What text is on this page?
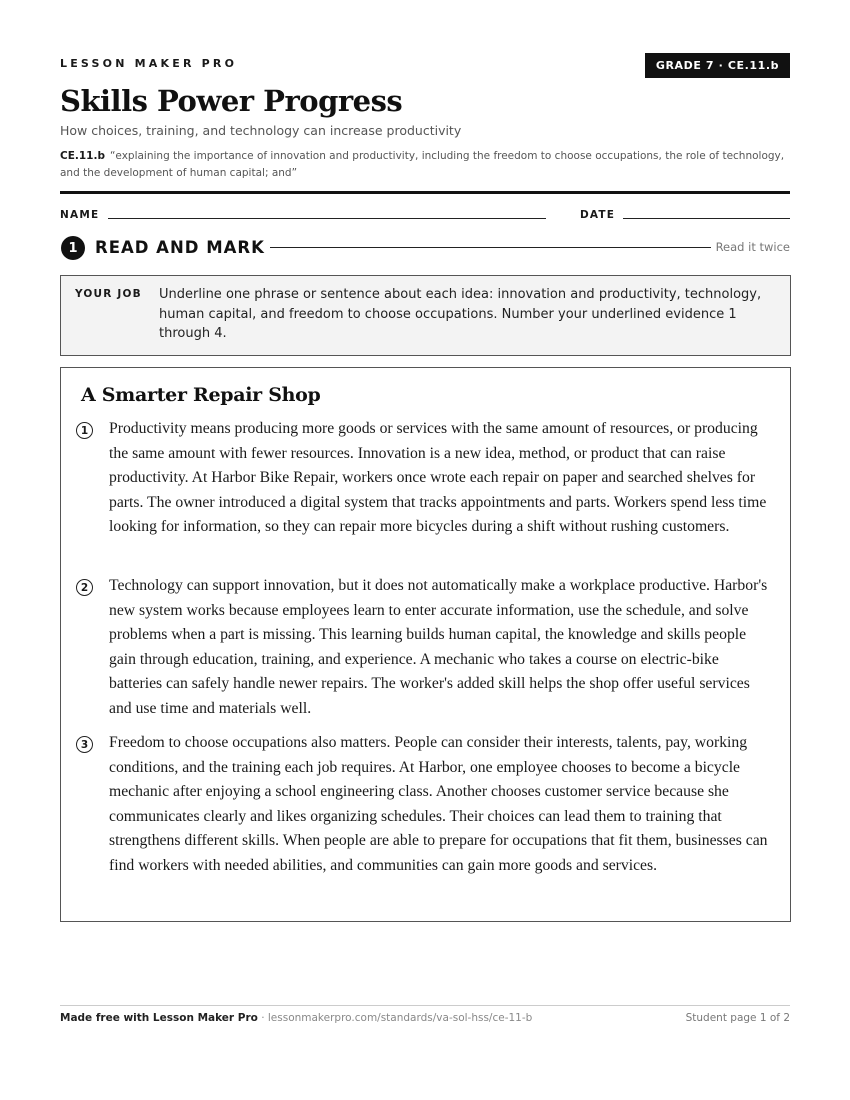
LESSON MAKER PRO	GRADE 7 · CE.11.b
Skills Power Progress
How choices, training, and technology can increase productivity
CE.11.b “explaining the importance of innovation and productivity, including the freedom to choose occupations, the role of technology, and the development of human capital; and”
NAME	DATE
1	READ AND MARK	Read it twice
YOUR JOB Underline one phrase or sentence about each idea: innovation and productivity, technology, human capital, and freedom to choose occupations. Number your underlined evidence 1 through 4.
A Smarter Repair Shop
1	Productivity means producing more goods or services with the same amount of resources, or producing the same amount with fewer resources. Innovation is a new idea, method, or product that can raise productivity. At Harbor Bike Repair, workers once wrote each repair on paper and searched shelves for parts. The owner introduced a digital system that tracks appointments and parts. Workers spend less time looking for information, so they can repair more bicycles during a shift without rushing customers.

2	Technology can support innovation, but it does not automatically make a workplace productive. Harbor's new system works because employees learn to enter accurate information, use the schedule, and solve problems when a part is missing. This learning builds human capital, the knowledge and skills people gain through education, training, and experience. A mechanic who takes a course on electric-bike batteries can safely handle newer repairs. The worker's added skill helps the shop offer useful services and use time and materials well.

3	Freedom to choose occupations also matters. People can consider their interests, talents, pay, working conditions, and the training each job requires. At Harbor, one employee chooses to become a bicycle mechanic after enjoying a school engineering class. Another chooses customer service because she communicates clearly and likes organizing schedules. Their choices can lead them to training that strengthens different skills. When people are able to prepare for occupations that fit them, businesses can find workers with needed abilities, and communities can gain more goods and services.

Made free with Lesson Maker Pro · lessonmakerpro.com/standards/va-sol-hss/ce-11-b	Student page 1 of 2
